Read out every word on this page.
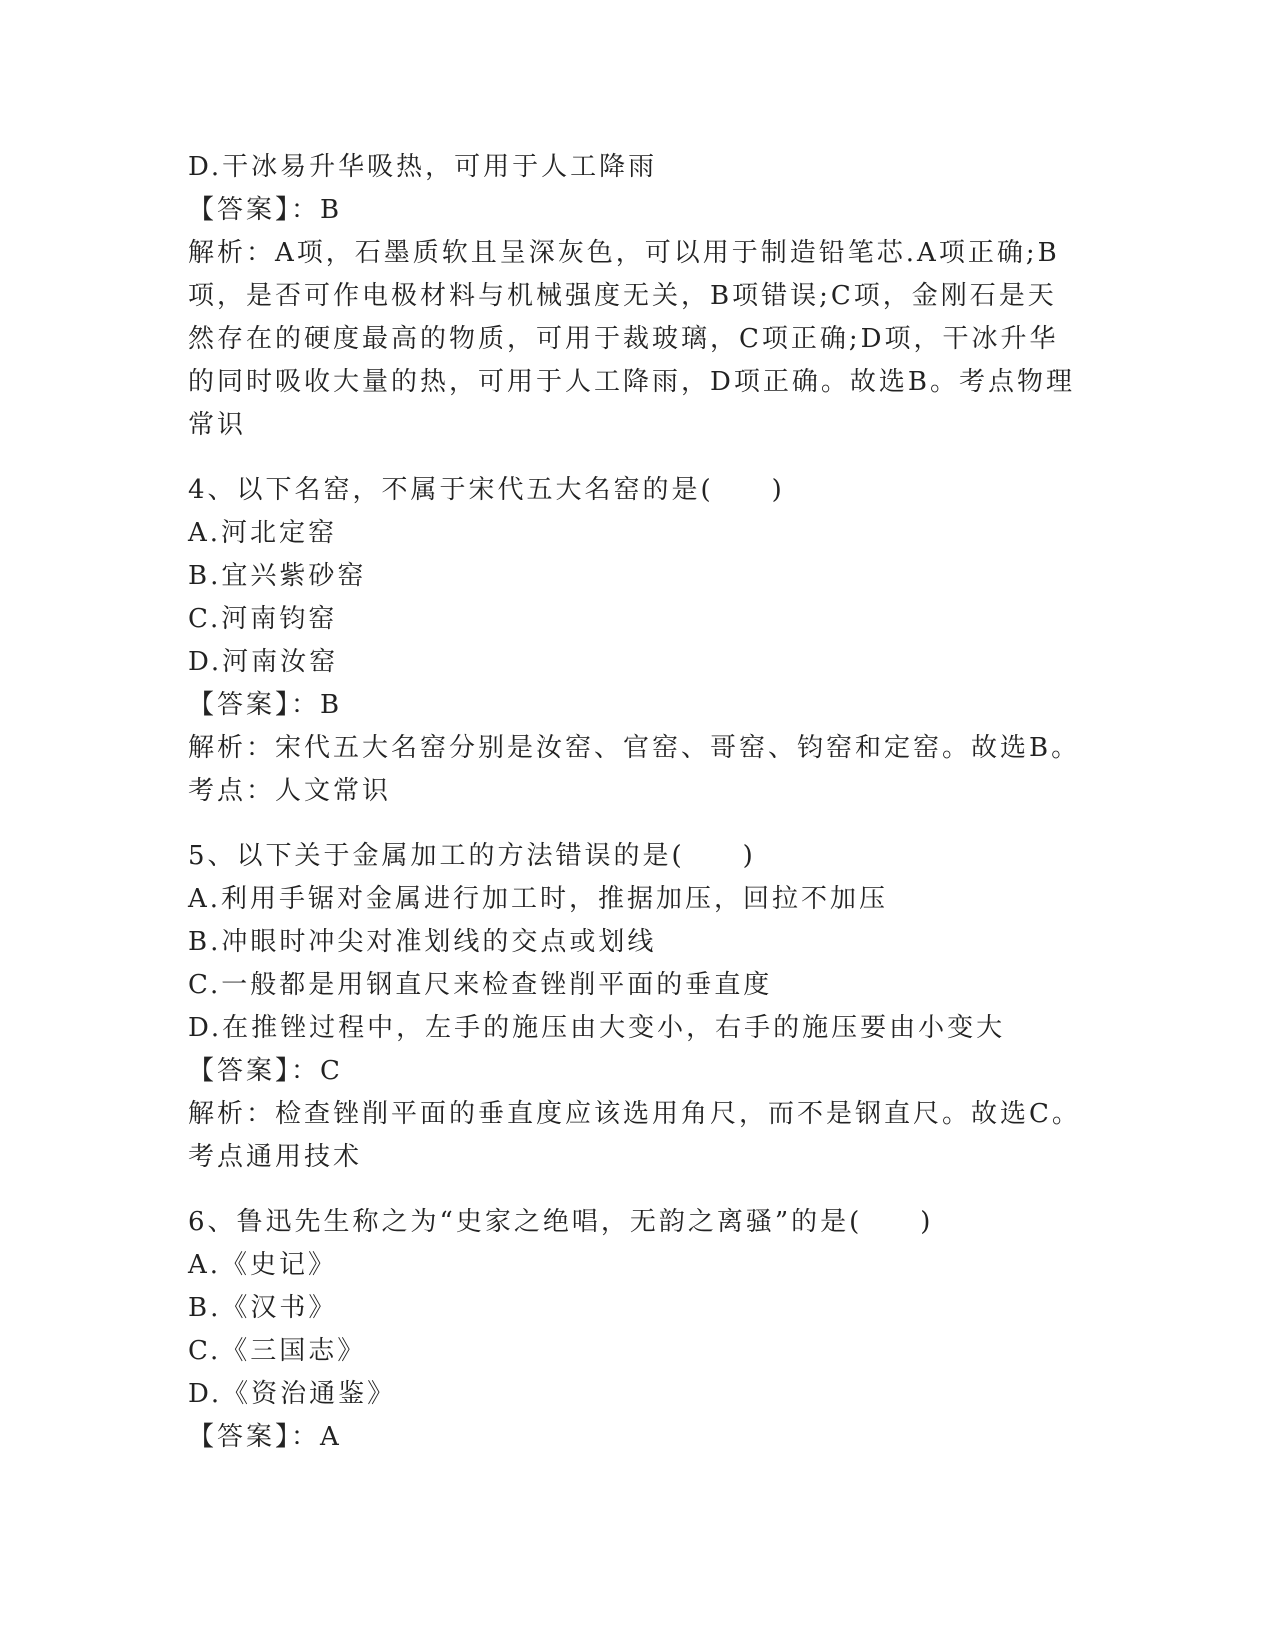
D.干冰易升华吸热，可用于人工降雨
【答案】：B
解析：A项，石墨质软且呈深灰色，可以用于制造铅笔芯.A项正确;B
项，是否可作电极材料与机械强度无关，B项错误;C项，金刚石是天
然存在的硬度最高的物质，可用于裁玻璃，C项正确;D项，干冰升华
的同时吸收大量的热，可用于人工降雨，D项正确。故选B。考点物理
常识
4、以下名窑，不属于宋代五大名窑的是(　　)
A.河北定窑
B.宜兴紫砂窑
C.河南钧窑
D.河南汝窑
【答案】：B
解析：宋代五大名窑分别是汝窑、官窑、哥窑、钧窑和定窑。故选B。
考点：人文常识
5、以下关于金属加工的方法错误的是(　　)
A.利用手锯对金属进行加工时，推据加压，回拉不加压
B.冲眼时冲尖对准划线的交点或划线
C.一般都是用钢直尺来检查锉削平面的垂直度
D.在推锉过程中，左手的施压由大变小，右手的施压要由小变大
【答案】：C
解析：检查锉削平面的垂直度应该选用角尺，而不是钢直尺。故选C。
考点通用技术
6、鲁迅先生称之为“史家之绝唱，无韵之离骚”的是(　　)
A.《史记》
B.《汉书》
C.《三国志》
D.《资治通鉴》
【答案】：A
